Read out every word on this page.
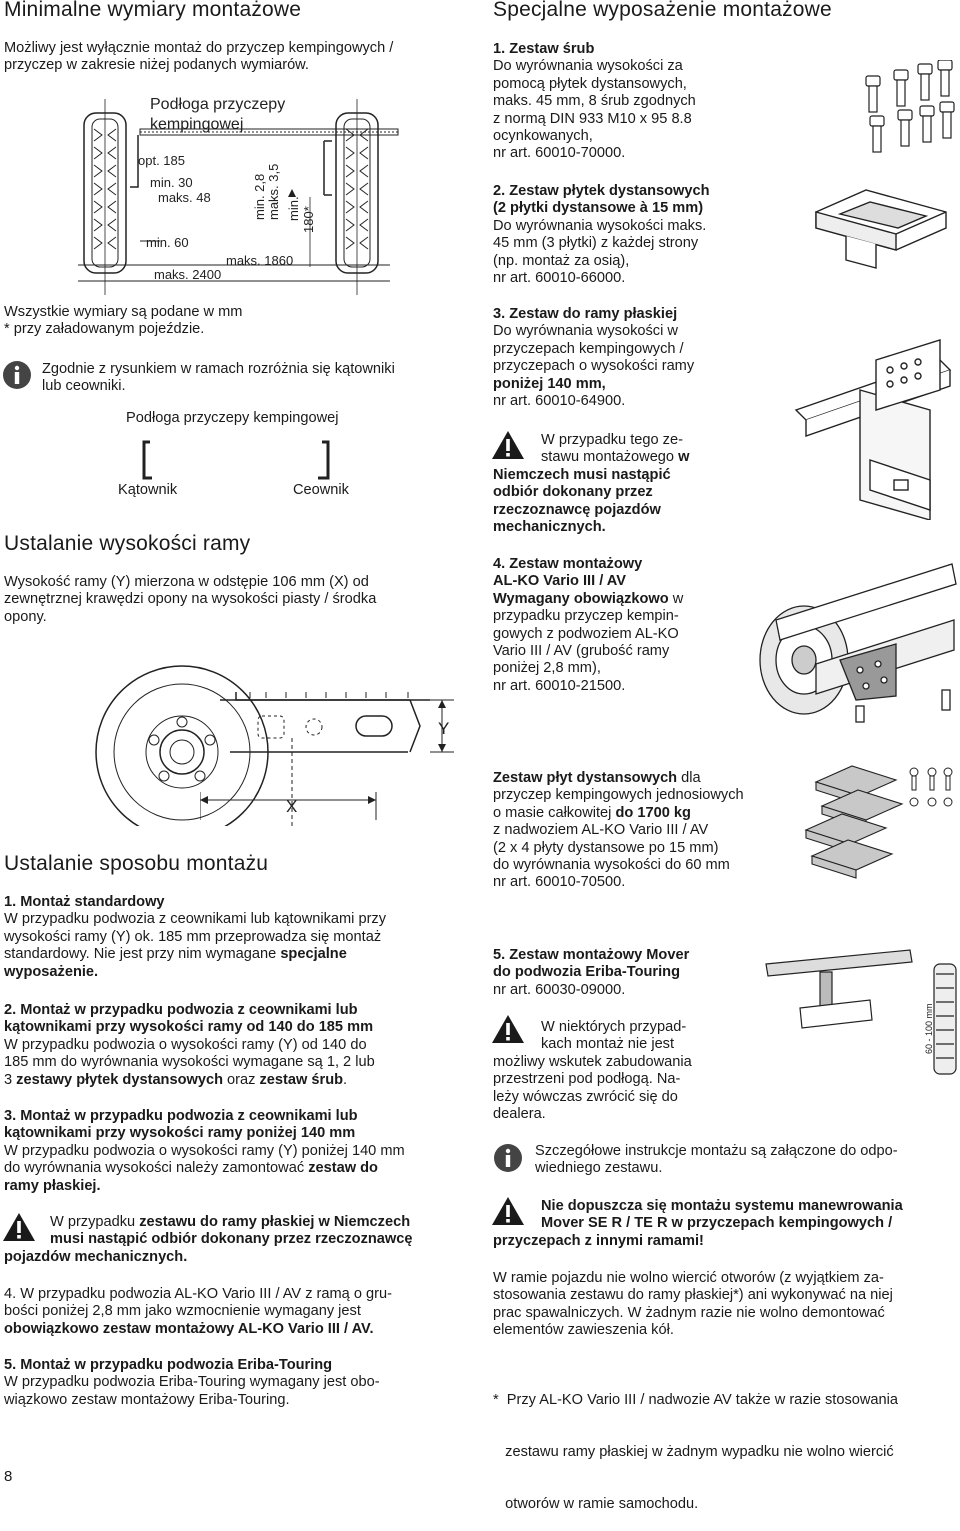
Minimalne wymiary montażowe
Możliwy jest wyłącznie montaż do przyczep kempingowych /
przyczep w zakresie niżej podanych wymiarów.
Podłoga przyczepy
kempingowej
opt. 185
min. 30
maks. 48
min. 60
maks. 1860
maks. 2400
min. 2,8 maks. 3,5 min. 180*
Wszystkie wymiary są podane w mm
* przy załadowanym pojeździe.
Zgodnie z rysunkiem w ramach rozróżnia się kątowniki
lub ceowniki.
Podłoga przyczepy kempingowej
Kątownik	Ceownik
Ustalanie wysokości ramy
Wysokość ramy (Y) mierzona w odstępie 106 mm (X) od
zewnętrznej krawędzi opony na wysokości piasty / środka
opony.
Y
X
Ustalanie sposobu montażu
1. Montaż standardowy
W przypadku podwozia z ceownikami lub kątownikami przy
wysokości ramy (Y) ok. 185 mm przeprowadza się montaż
standardowy. Nie jest przy nim wymagane specjalne
wyposażenie.
2. Montaż w przypadku podwozia z ceownikami lub
kątownikami przy wysokości ramy od 140 do 185 mm
W przypadku podwozia o wysokości ramy (Y) od 140 do
185 mm do wyrównania wysokości wymagane są 1, 2 lub
3 zestawy płytek dystansowych oraz zestaw śrub.
3. Montaż w przypadku podwozia z ceownikami lub
kątownikami przy wysokości ramy poniżej 140 mm
W przypadku podwozia o wysokości ramy (Y) poniżej 140 mm
do wyrównania wysokości należy zamontować zestaw do
ramy płaskiej.
W przypadku zestawu do ramy płaskiej w Niemczech
musi nastąpić odbiór dokonany przez rzeczoznawcę
pojazdów mechanicznych.
4. W przypadku podwozia AL-KO Vario III / AV z ramą o gru-
bości poniżej 2,8 mm jako wzmocnienie wymagany jest
obowiązkowo zestaw montażowy AL-KO Vario III / AV.
5. Montaż w przypadku podwozia Eriba-Touring
W przypadku podwozia Eriba-Touring wymagany jest obo-
wiązkowo zestaw montażowy Eriba-Touring.
8
Specjalne wyposażenie montażowe
1. Zestaw śrub
Do wyrównania wysokości za
pomocą płytek dystansowych,
maks. 45 mm, 8 śrub zgodnych
z normą DIN 933 M10 x 95 8.8
ocynkowanych,
nr art. 60010-70000.
2. Zestaw płytek dystansowych
(2 płytki dystansowe à 15 mm)
Do wyrównania wysokości maks.
45 mm (3 płytki) z każdej strony
(np. montaż za osią),
nr art. 60010-66000.
3. Zestaw do ramy płaskiej
Do wyrównania wysokości w
przyczepach kempingowych /
przyczepach o wysokości ramy
poniżej 140 mm,
nr art. 60010-64900.
W przypadku tego ze-
stawu montażowego w
Niemczech musi nastąpić
odbiór dokonany przez
rzeczoznawcę pojazdów
mechanicznych.
4. Zestaw montażowy
AL-KO Vario III / AV
Wymagany obowiązkowo w
przypadku przyczep kempin-
gowych z podwoziem AL-KO
Vario III / AV (grubość ramy
poniżej 2,8 mm),
nr art. 60010-21500.
Zestaw płyt dystansowych dla
przyczep kempingowych jednosiowych
o masie całkowitej do 1700 kg
z nadwoziem AL-KO Vario III / AV
(2 x 4 płyty dystansowe po 15 mm)
do wyrównania wysokości do 60 mm
nr art. 60010-70500.
5. Zestaw montażowy Mover
do podwozia Eriba-Touring
nr art. 60030-09000.
60 - 100 mm
W niektórych przypad-
kach montaż nie jest
możliwy wskutek zabudowania
przestrzeni pod podłogą. Na-
leży wówczas zwrócić się do
dealera.
Szczegółowe instrukcje montażu są załączone do odpo-
wiedniego zestawu.
Nie dopuszcza się montażu systemu manewrowania
Mover SE R / TE R w przyczepach kempingowych /
przyczepach z innymi ramami!
W ramie pojazdu nie wolno wiercić otworów (z wyjątkiem za-
stosowania zestawu do ramy płaskiej*) ani wykonywać na niej
prac spawalniczych. W żadnym razie nie wolno demontować
elementów zawieszenia kół.

*  Przy AL-KO Vario III / nadwozie AV także w razie stosowania

zestawu ramy płaskiej w żadnym wypadku nie wolno wiercić

otworów w ramie samochodu.
